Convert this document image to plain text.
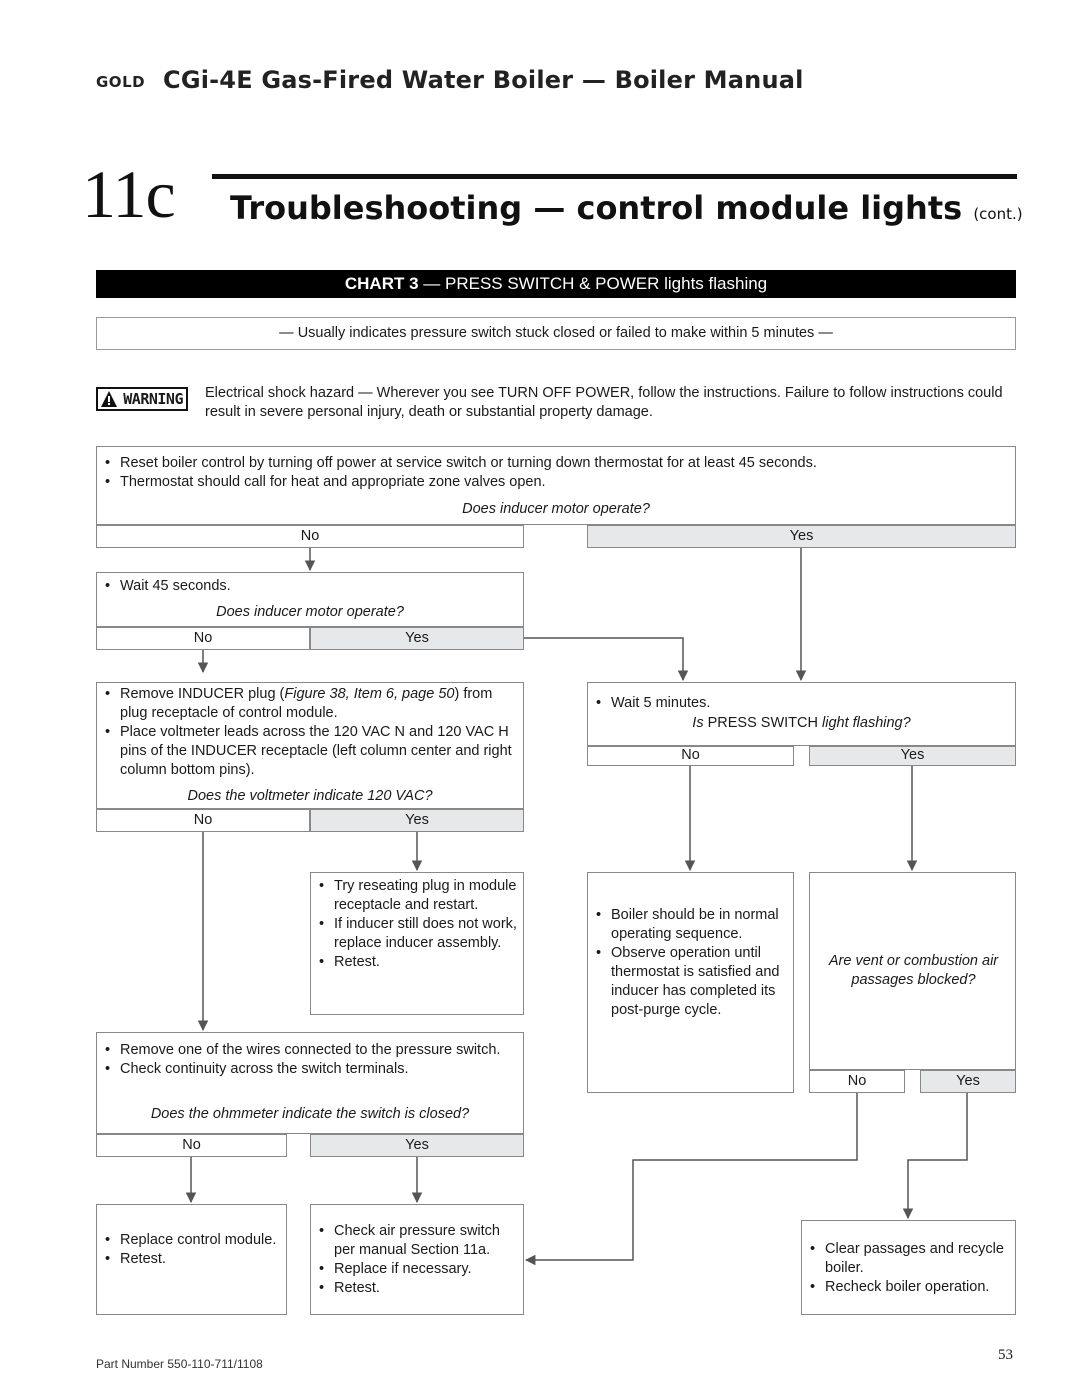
GOLD CGi-4E Gas-Fired Water Boiler — Boiler Manual
11c Troubleshooting — control module lights (cont.)
CHART 3 — PRESS SWITCH & POWER lights flashing
— Usually indicates pressure switch stuck closed or failed to make within 5 minutes —
WARNING	Electrical shock hazard — Wherever you see TURN OFF POWER, follow the instructions. Failure to follow instructions could result in severe personal injury, death or substantial property damage.
• Reset boiler control by turning off power at service switch or turning down thermostat for at least 45 seconds.
• Thermostat should call for heat and appropriate zone valves open.
Does inducer motor operate?
No	Yes
• Wait 45 seconds.
Does inducer motor operate?
No	Yes
• Remove INDUCER plug (Figure 38, Item 6, page 50) from plug receptacle of control module.
• Place voltmeter leads across the 120 VAC N and 120 VAC H pins of the INDUCER receptacle (left column center and right column bottom pins).
Does the voltmeter indicate 120 VAC?
No	Yes
• Wait 5 minutes.
Is PRESS SWITCH light flashing?
No	Yes
• Try reseating plug in module receptacle and restart.
• If inducer still does not work, replace inducer assembly.
• Retest.
• Boiler should be in normal operating sequence.
• Observe operation until thermostat is satisfied and inducer has completed its post-purge cycle.
Are vent or combustion air passages blocked?
No	Yes
• Remove one of the wires connected to the pressure switch.
• Check continuity across the switch terminals.
Does the ohmmeter indicate the switch is closed?
No	Yes
• Replace control module.
• Retest.
• Check air pressure switch per manual Section 11a.
• Replace if necessary.
• Retest.
• Clear passages and recycle boiler.
• Recheck boiler operation.
Part Number 550-110-711/1108
53
